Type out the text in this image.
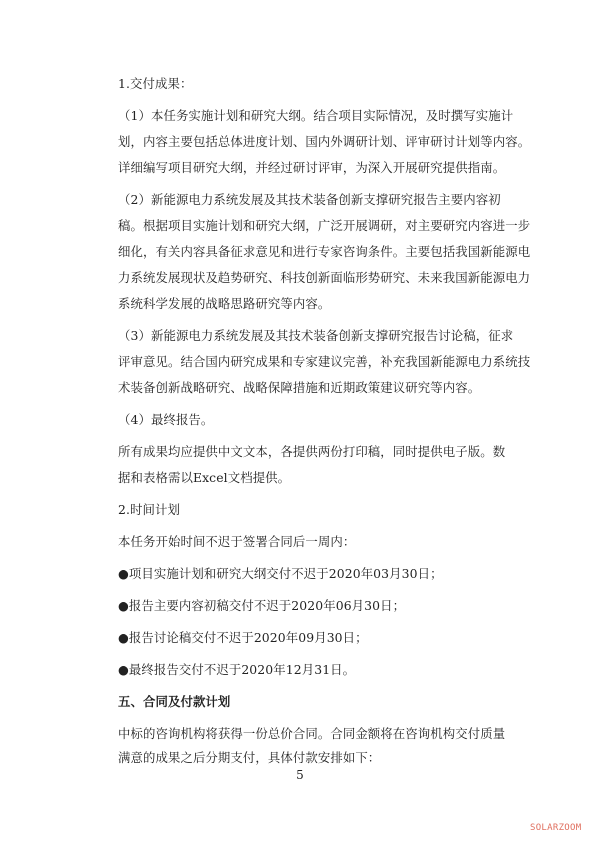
1.交付成果：
（1）本任务实施计划和研究大纲。结合项目实际情况，及时撰写实施计
划，内容主要包括总体进度计划、国内外调研计划、评审研讨计划等内容。
详细编写项目研究大纲，并经过研讨评审，为深入开展研究提供指南。
（2）新能源电力系统发展及其技术装备创新支撑研究报告主要内容初
稿。根据项目实施计划和研究大纲，广泛开展调研，对主要研究内容进一步
细化，有关内容具备征求意见和进行专家咨询条件。主要包括我国新能源电
力系统发展现状及趋势研究、科技创新面临形势研究、未来我国新能源电力
系统科学发展的战略思路研究等内容。
（3）新能源电力系统发展及其技术装备创新支撑研究报告讨论稿，征求
评审意见。结合国内研究成果和专家建议完善，补充我国新能源电力系统技
术装备创新战略研究、战略保障措施和近期政策建议研究等内容。
（4）最终报告。
所有成果均应提供中文文本，各提供两份打印稿，同时提供电子版。数
据和表格需以Excel文档提供。
2.时间计划
本任务开始时间不迟于签署合同后一周内：
●项目实施计划和研究大纲交付不迟于2020年03月30日；
●报告主要内容初稿交付不迟于2020年06月30日；
●报告讨论稿交付不迟于2020年09月30日；
●最终报告交付不迟于2020年12月31日。
五、合同及付款计划
中标的咨询机构将获得一份总价合同。合同金额将在咨询机构交付质量
满意的成果之后分期支付，具体付款安排如下：
5
SOLARZOOM
